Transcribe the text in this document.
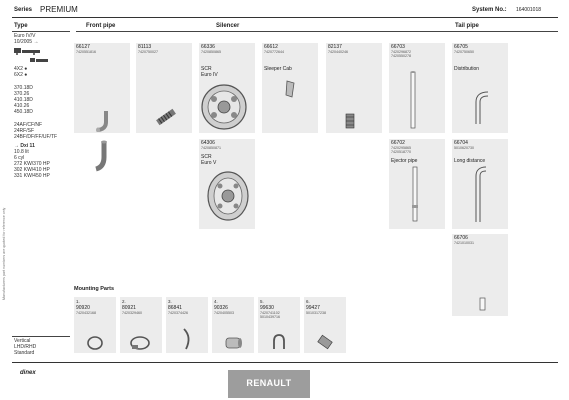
Series PREMIUM	System No.: 164001018
Type
Euro IV/V
10/2005 →
4X2 ●
6X2 ●
370.18D
370.26
410.18D
410.26
450.18D
24AF/CF/NF
24RF/SF
24BF/DF/FF/UF/TF
→ Dxi 11
10.8 lit
6 cyl
272 KW/370 HP
302 KW/410 HP
331 KW/450 HP
Vertical
LHD/RHD
Standard
Manufacturers part numbers are quoted for reference only
Front pipe	Silencer	Tail pipe
66127
7420551816
81113
7420750027
66336
7420850865
SCR
Euro IV
66612
7420772644
Sleeper Cab
82137
7420440246
66703
7420296872
7420550278
66705
7420750650
Distribution
64306
7420850871
SCR
Euro V
66702
7420295865
7420518770
Ejector pipe
66704
5010620730
Long distance
66706
7421010031
Mounting Parts
1.
90920
7420432168
2.
80921
7420329460
3.
86841
7420374426
4.
90326
7420405503
5.
99630
7420741102
5010439716
6.
99427
5010317238
dinex
RENAULT
